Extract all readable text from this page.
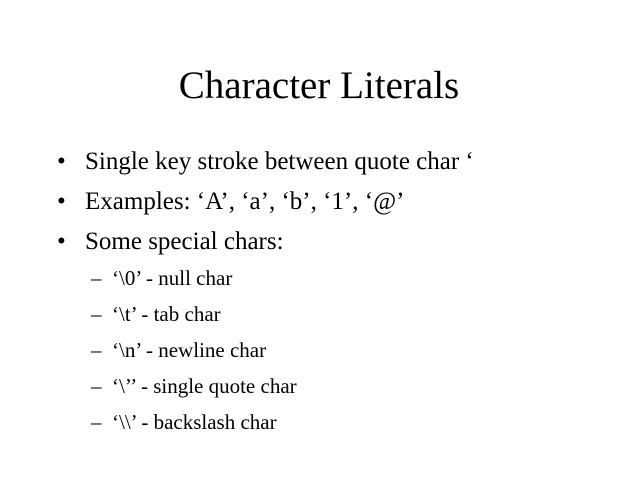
Character Literals
• Single key stroke between quote char ‘
• Examples: ‘A’, ‘a’, ‘b’, ‘1’, ‘@’
• Some special chars:
– ‘\0’ - null char
– ‘\t’ - tab char
– ‘\n’ - newline char
– ‘\’’ - single quote char
– ‘\\’ - backslash char
